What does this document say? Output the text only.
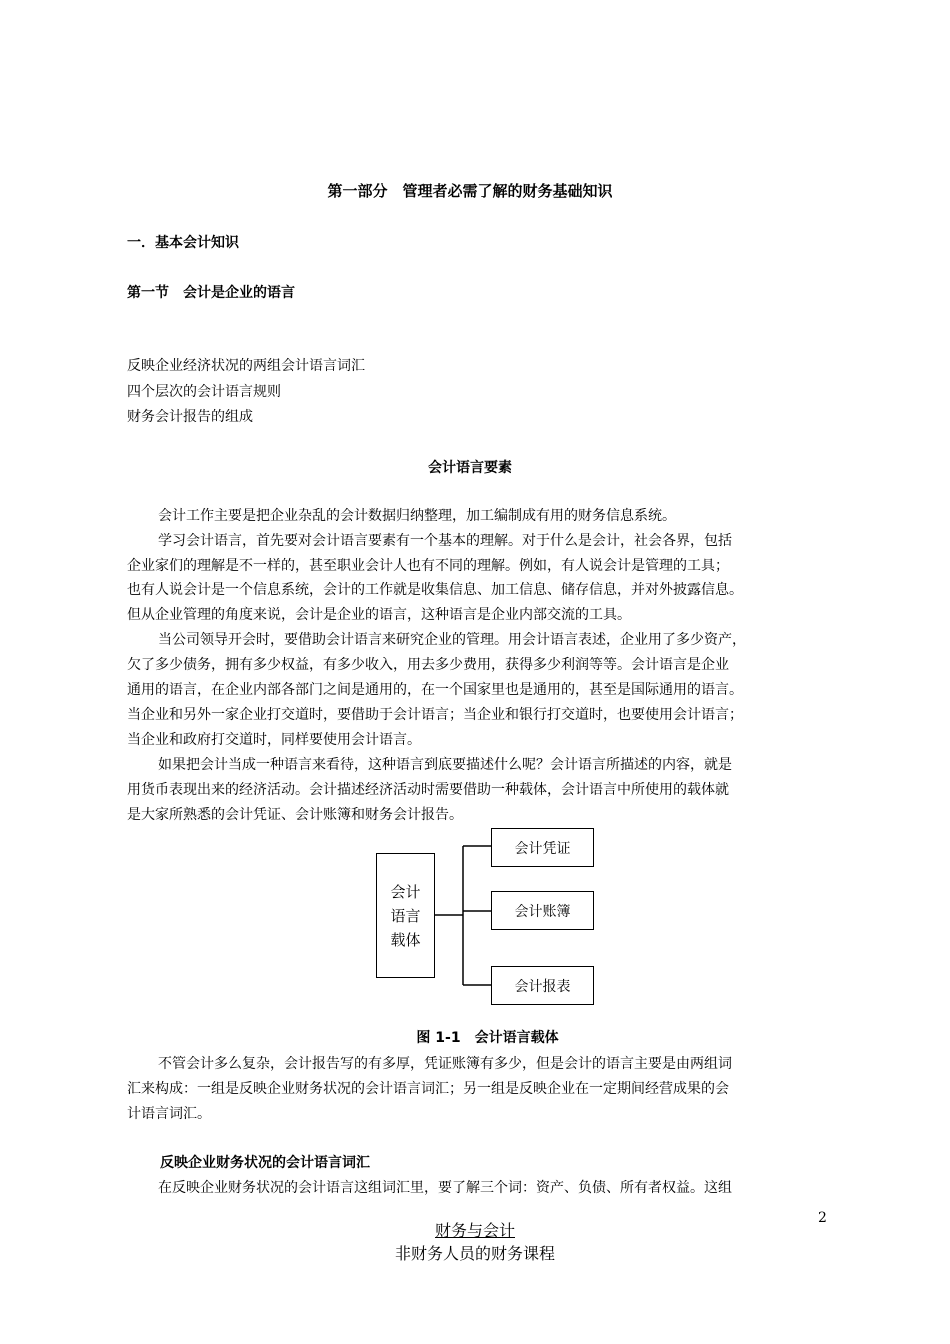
第一部分　管理者必需了解的财务基础知识
一．基本会计知识
第一节　会计是企业的语言
反映企业经济状况的两组会计语言词汇
四个层次的会计语言规则
财务会计报告的组成
会计语言要素
会计工作主要是把企业杂乱的会计数据归纳整理，加工编制成有用的财务信息系统。
学习会计语言，首先要对会计语言要素有一个基本的理解。对于什么是会计，社会各界，包括
企业家们的理解是不一样的，甚至职业会计人也有不同的理解。例如，有人说会计是管理的工具；
也有人说会计是一个信息系统，会计的工作就是收集信息、加工信息、储存信息，并对外披露信息。
但从企业管理的角度来说，会计是企业的语言，这种语言是企业内部交流的工具。
当公司领导开会时，要借助会计语言来研究企业的管理。用会计语言表述，企业用了多少资产，
欠了多少债务，拥有多少权益，有多少收入，用去多少费用，获得多少利润等等。会计语言是企业
通用的语言，在企业内部各部门之间是通用的，在一个国家里也是通用的，甚至是国际通用的语言。
当企业和另外一家企业打交道时，要借助于会计语言；当企业和银行打交道时，也要使用会计语言；
当企业和政府打交道时，同样要使用会计语言。
如果把会计当成一种语言来看待，这种语言到底要描述什么呢？会计语言所描述的内容，就是
用货币表现出来的经济活动。会计描述经济活动时需要借助一种载体，会计语言中所使用的载体就
是大家所熟悉的会计凭证、会计账簿和财务会计报告。
会计
语言
载体
会计凭证
会计账簿
会计报表
图 1-1　会计语言载体
不管会计多么复杂，会计报告写的有多厚，凭证账簿有多少，但是会计的语言主要是由两组词
汇来构成：一组是反映企业财务状况的会计语言词汇；另一组是反映企业在一定期间经营成果的会
计语言词汇。
反映企业财务状况的会计语言词汇
在反映企业财务状况的会计语言这组词汇里，要了解三个词：资产、负债、所有者权益。这组
2
财务与会计
非财务人员的财务课程
